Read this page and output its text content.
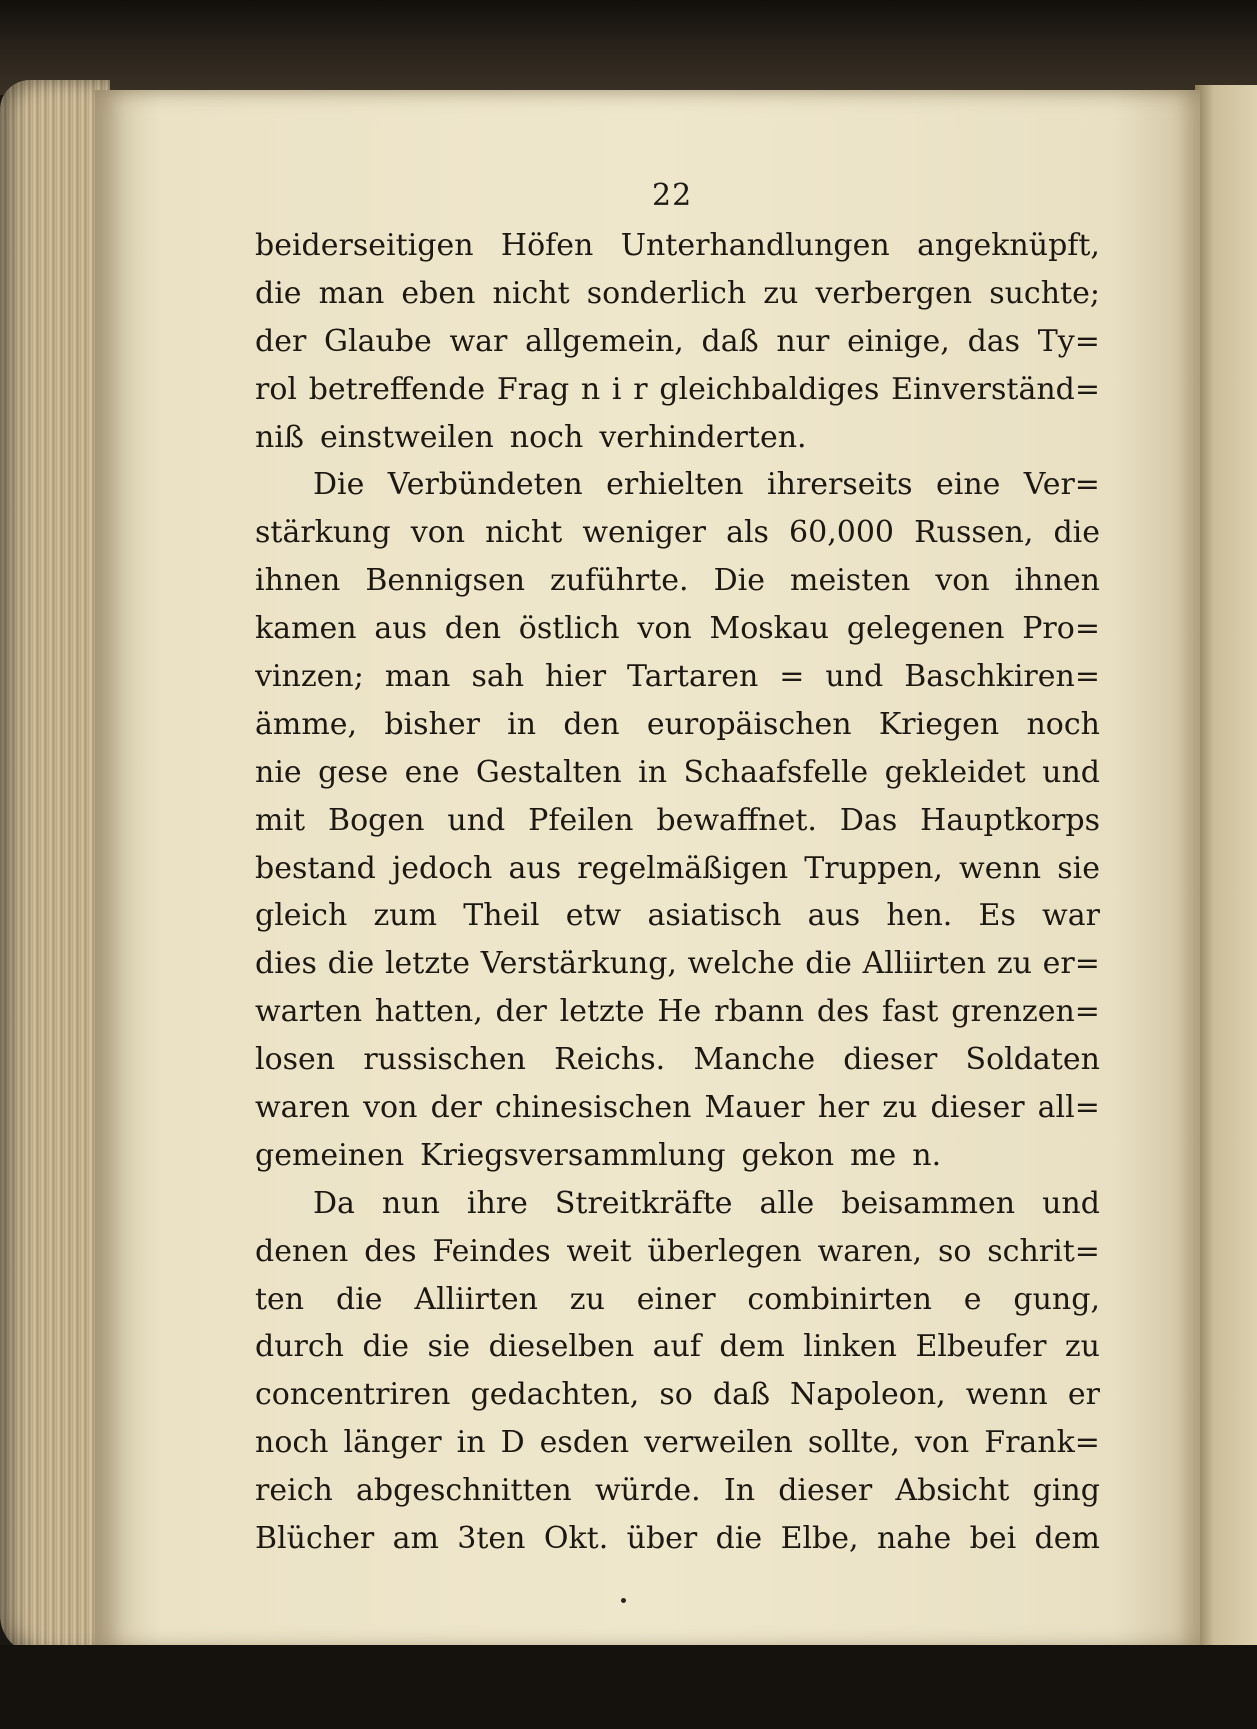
22
beiderseitigen Höfen Unterhandlungen angeknüpft,
die man eben nicht sonderlich zu verbergen suchte;
der Glaube war allgemein, daß nur einige, das Ty=
rol betreffende Frag n i r gleichbaldiges Einverständ=
niß einstweilen noch verhinderten.
Die Verbündeten erhielten ihrerseits eine Ver=
stärkung von nicht weniger als 60,000 Russen, die
ihnen Bennigsen zuführte. Die meisten von ihnen
kamen aus den östlich von Moskau gelegenen Pro=
vinzen; man sah hier Tartaren = und Baschkiren=
ämme, bisher in den europäischen Kriegen noch
nie gese ene Gestalten in Schaafsfelle gekleidet und
mit Bogen und Pfeilen bewaffnet. Das Hauptkorps
bestand jedoch aus regelmäßigen Truppen, wenn sie
gleich zum Theil etw asiatisch aus hen. Es war
dies die letzte Verstärkung, welche die Alliirten zu er=
warten hatten, der letzte He rbann des fast grenzen=
losen russischen Reichs. Manche dieser Soldaten
waren von der chinesischen Mauer her zu dieser all=
gemeinen Kriegsversammlung gekon me n.
Da nun ihre Streitkräfte alle beisammen und
denen des Feindes weit überlegen waren, so schrit=
ten die Alliirten zu einer combinirten e gung,
durch die sie dieselben auf dem linken Elbeufer zu
concentriren gedachten, so daß Napoleon, wenn er
noch länger in D esden verweilen sollte, von Frank=
reich abgeschnitten würde. In dieser Absicht ging
Blücher am 3ten Okt. über die Elbe, nahe bei dem
